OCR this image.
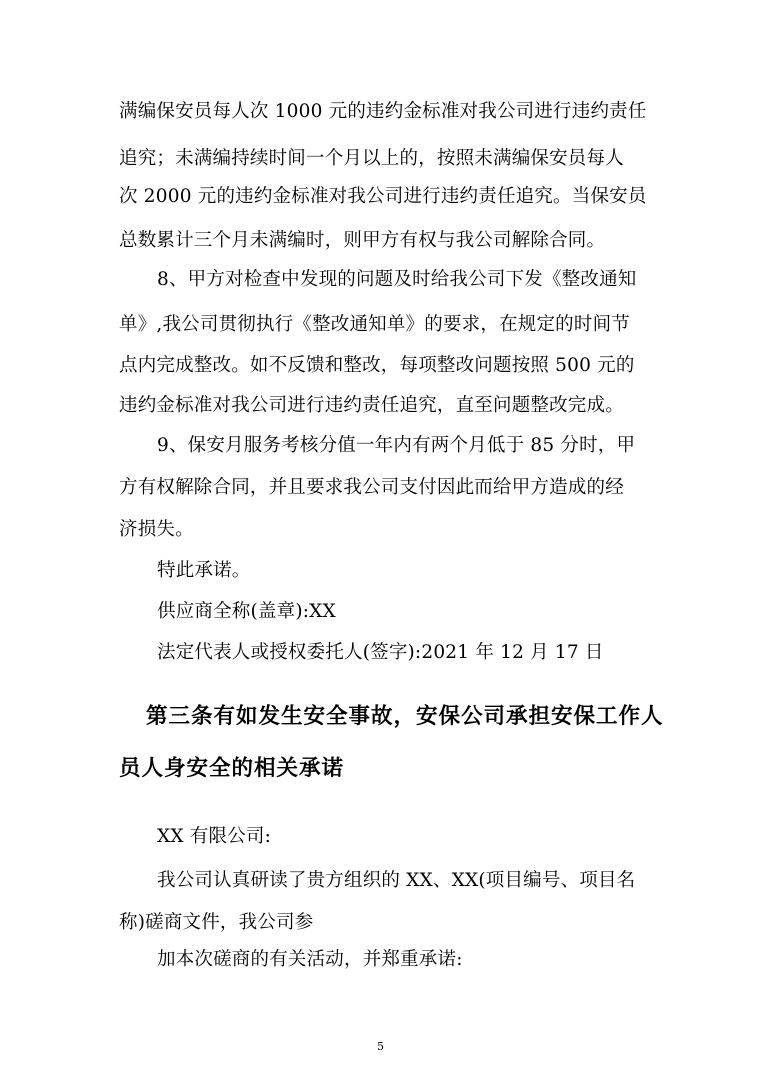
满编保安员每人次 1000 元的违约金标准对我公司进行违约责任
追究；未满编持续时间一个月以上的，按照未满编保安员每人
次 2000 元的违约金标准对我公司进行违约责任追究。当保安员
总数累计三个月未满编时，则甲方有权与我公司解除合同。
8、甲方对检查中发现的问题及时给我公司下发《整改通知
单》,我公司贯彻执行《整改通知单》的要求，在规定的时间节
点内完成整改。如不反馈和整改，每项整改问题按照 500 元的
违约金标准对我公司进行违约责任追究，直至问题整改完成。
9、保安月服务考核分值一年内有两个月低于 85 分时，甲
方有权解除合同，并且要求我公司支付因此而给甲方造成的经
济损失。
特此承诺。
供应商全称(盖章):XX
法定代表人或授权委托人(签字):2021 年 12 月 17 日
第三条有如发生安全事故，安保公司承担安保工作人
员人身安全的相关承诺
XX 有限公司:
我公司认真研读了贵方组织的 XX、XX(项目编号、项目名
称)磋商文件，我公司参
加本次磋商的有关活动，并郑重承诺:
5
